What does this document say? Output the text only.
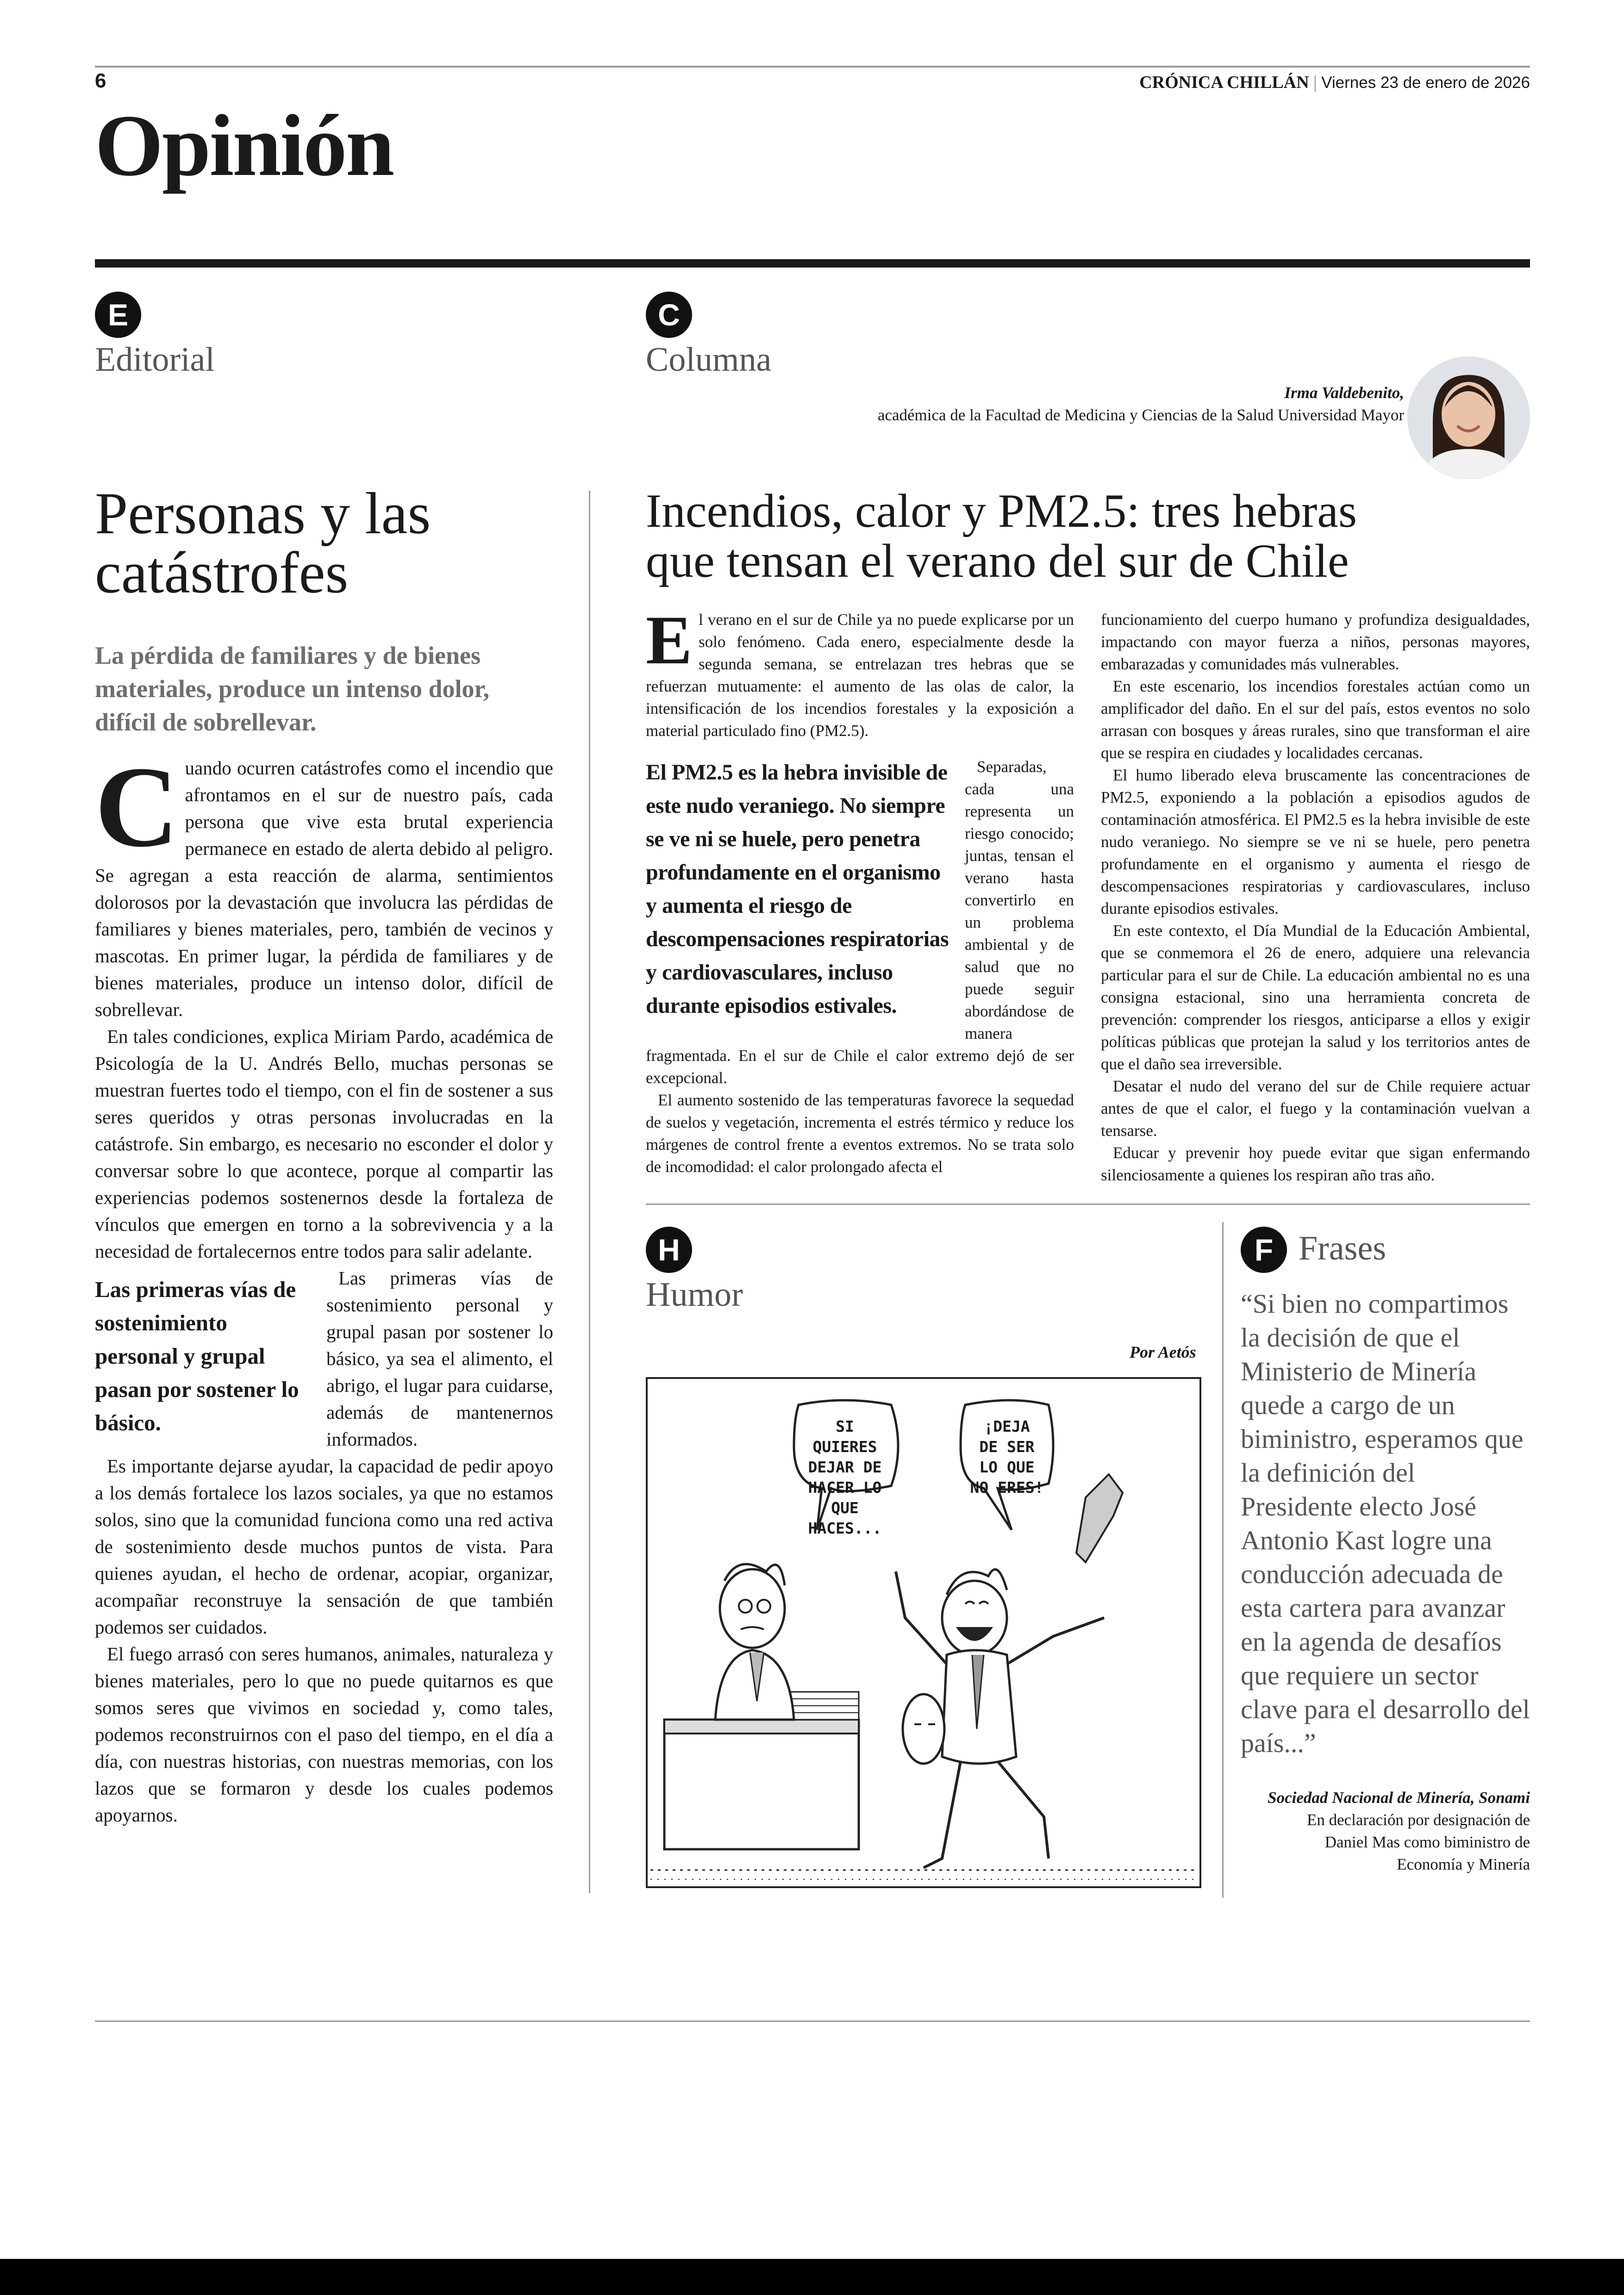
6	CRÓNICA CHILLÁN | Viernes 23 de enero de 2026
Opinión
E
Editorial
Personas y las
catástrofes
La pérdida de familiares y de bienes materiales, produce un intenso dolor, difícil de sobrellevar.
C uando ocurren catástrofes como el incendio que afrontamos en el sur de nuestro país, cada persona que vive esta brutal experiencia permanece en estado de alerta debido al peligro. Se agregan a esta reacción de alarma, sentimientos dolorosos por la devastación que involucra las pérdidas de familiares y bienes materiales, pero, también de vecinos y mascotas. En primer lugar, la pérdida de familiares y de bienes materiales, produce un intenso dolor, difícil de sobrellevar.

En tales condiciones, explica Miriam Pardo, académica de Psicología de la U. Andrés Bello, muchas personas se muestran fuertes todo el tiempo, con el fin de sostener a sus seres queridos y otras personas involucradas en la catástrofe. Sin embargo, es necesario no esconder el dolor y conversar sobre lo que acontece, porque al compartir las experiencias podemos sostenernos desde la fortaleza de vínculos que emergen en torno a la sobrevivencia y a la necesidad de fortalecernos entre todos para salir adelante.

Las primeras vías de sostenimiento personal y grupal pasan por sostener lo básico.

Las primeras vías de sostenimiento personal y grupal pasan por sostener lo básico, ya sea el alimento, el abrigo, el lugar para cuidarse, además de mantenernos informados.

Es importante dejarse ayudar, la capacidad de pedir apoyo a los demás fortalece los lazos sociales, ya que no estamos solos, sino que la comunidad funciona como una red activa de sostenimiento desde muchos puntos de vista. Para quienes ayudan, el hecho de ordenar, acopiar, organizar, acompañar reconstruye la sensación de que también podemos ser cuidados.

El fuego arrasó con seres humanos, animales, naturaleza y bienes materiales, pero lo que no puede quitarnos es que somos seres que vivimos en sociedad y, como tales, podemos reconstruirnos con el paso del tiempo, en el día a día, con nuestras historias, con nuestras memorias, con los lazos que se formaron y desde los cuales podemos apoyarnos.

C
Columna
Irma Valdebenito,
académica de la Facultad de Medicina y Ciencias de la Salud Universidad Mayor
Incendios, calor y PM2.5: tres hebras
que tensan el verano del sur de Chile
E l verano en el sur de Chile ya no puede explicarse por un solo fenómeno. Cada enero, especialmente desde la segunda semana, se entrelazan tres hebras que se refuerzan mutuamente: el aumento de las olas de calor, la intensificación de los incendios forestales y la exposición a material particulado fino (PM2.5).

El PM2.5 es la hebra invisible de este nudo veraniego. No siempre se ve ni se huele, pero penetra profundamente en el organismo y aumenta el riesgo de descompensaciones respiratorias y cardiovasculares, incluso durante episodios estivales.

Separadas, cada una representa un riesgo conocido; juntas, tensan el verano hasta convertirlo en un problema ambiental y de salud que no puede seguir abordándose de manera fragmentada. En el sur de Chile el calor extremo dejó de ser excepcional.

El aumento sostenido de las temperaturas favorece la sequedad de suelos y vegetación, incrementa el estrés térmico y reduce los márgenes de control frente a eventos extremos. No se trata solo de incomodidad: el calor prolongado afecta el

funcionamiento del cuerpo humano y profundiza desigualdades, impactando con mayor fuerza a niños, personas mayores, embarazadas y comunidades más vulnerables.

En este escenario, los incendios forestales actúan como un amplificador del daño. En el sur del país, estos eventos no solo arrasan con bosques y áreas rurales, sino que transforman el aire que se respira en ciudades y localidades cercanas.

El humo liberado eleva bruscamente las concentraciones de PM2.5, exponiendo a la población a episodios agudos de contaminación atmosférica. El PM2.5 es la hebra invisible de este nudo veraniego. No siempre se ve ni se huele, pero penetra profundamente en el organismo y aumenta el riesgo de descompensaciones respiratorias y cardiovasculares, incluso durante episodios estivales.

En este contexto, el Día Mundial de la Educación Ambiental, que se conmemora el 26 de enero, adquiere una relevancia particular para el sur de Chile. La educación ambiental no es una consigna estacional, sino una herramienta concreta de prevención: comprender los riesgos, anticiparse a ellos y exigir políticas públicas que protejan la salud y los territorios antes de que el daño sea irreversible.

Desatar el nudo del verano del sur de Chile requiere actuar antes de que el calor, el fuego y la contaminación vuelvan a tensarse.

Educar y prevenir hoy puede evitar que sigan enfermando silenciosamente a quienes los respiran año tras año.

H
Humor
Por Aetós
SI QUIERES
DEJAR DE
HACER LO
QUE HACES...
¡DEJA
DE SER
LO QUE
NO ERES!
F Frases
“Si bien no compartimos la decisión de que el Ministerio de Minería quede a cargo de un biministro, esperamos que la definición del Presidente electo José Antonio Kast logre una conducción adecuada de esta cartera para avanzar en la agenda de desafíos que requiere un sector clave para el desarrollo del país...”
Sociedad Nacional de Minería, Sonami
En declaración por designación de
Daniel Mas como biministro de
Economía y Minería
